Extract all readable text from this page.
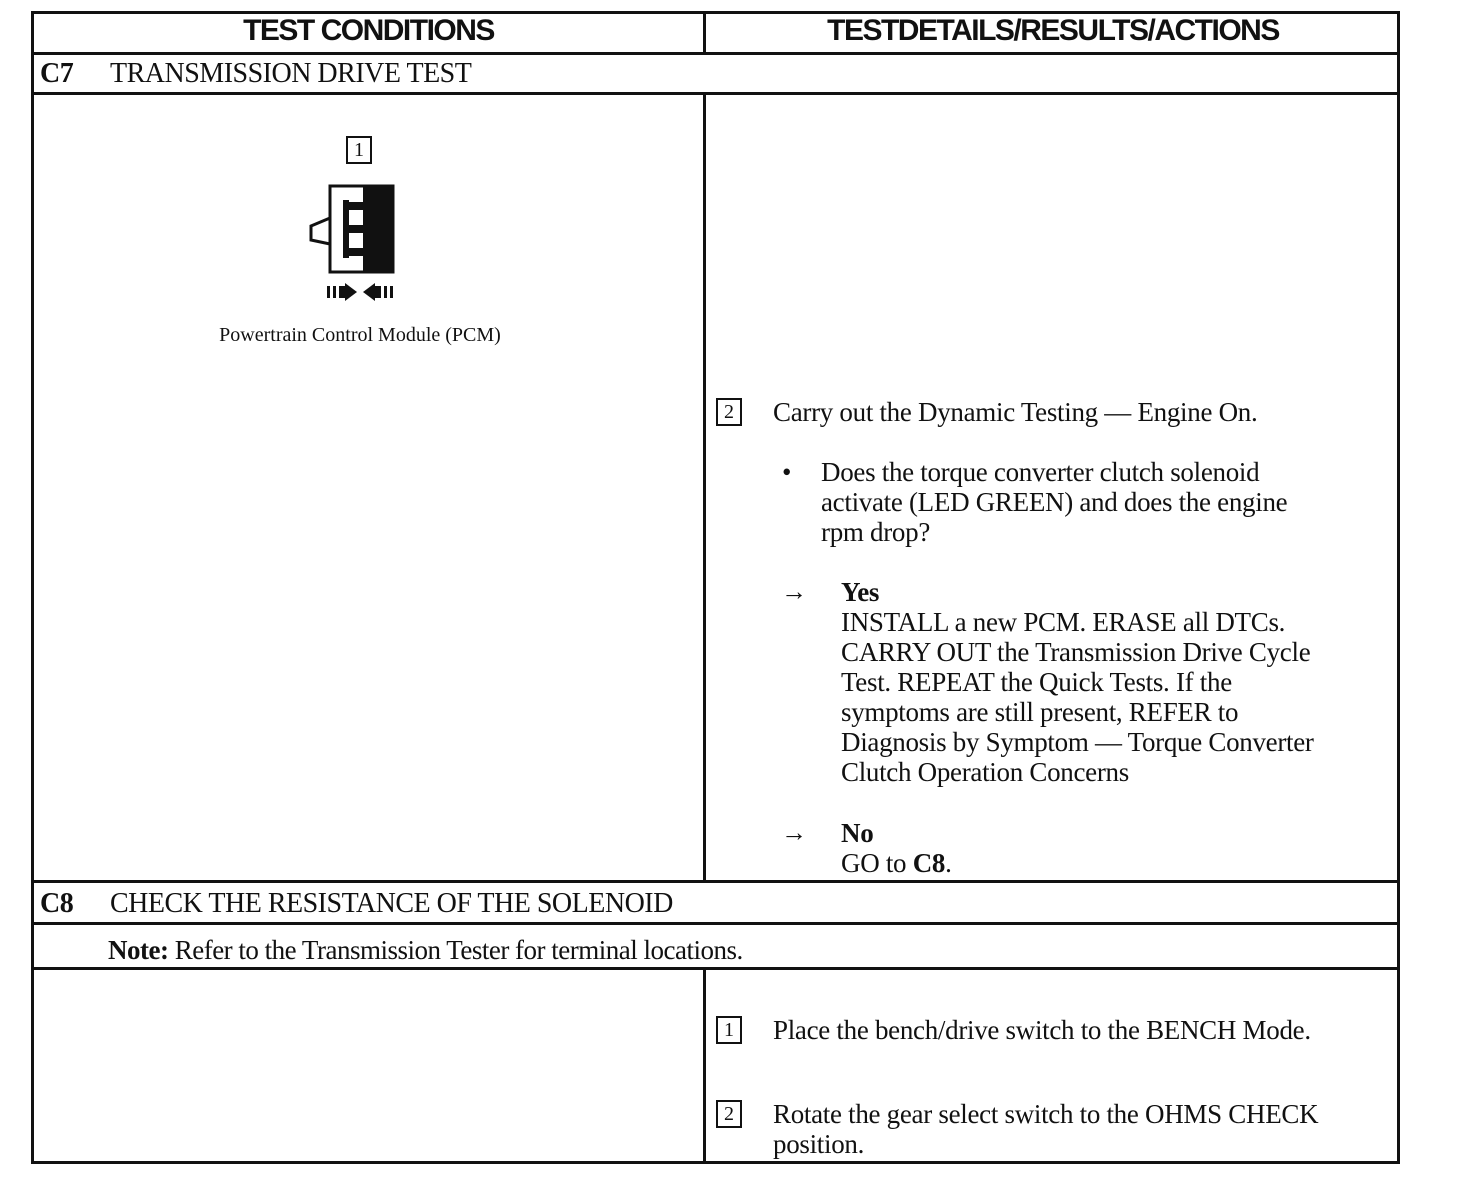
TEST CONDITIONS	TESTDETAILS/RESULTS/ACTIONS
C7 TRANSMISSION DRIVE TEST
1
Powertrain Control Module (PCM)
2 Carry out the Dynamic Testing — Engine On.
• Does the torque converter clutch solenoid
activate (LED GREEN) and does the engine
rpm drop?
→ Yes
INSTALL a new PCM. ERASE all DTCs.
CARRY OUT the Transmission Drive Cycle
Test. REPEAT the Quick Tests. If the
symptoms are still present, REFER to
Diagnosis by Symptom — Torque Converter
Clutch Operation Concerns
→ No
GO to C8.
C8 CHECK THE RESISTANCE OF THE SOLENOID
Note: Refer to the Transmission Tester for terminal locations.
1 Place the bench/drive switch to the BENCH Mode.
2 Rotate the gear select switch to the OHMS CHECK
position.
